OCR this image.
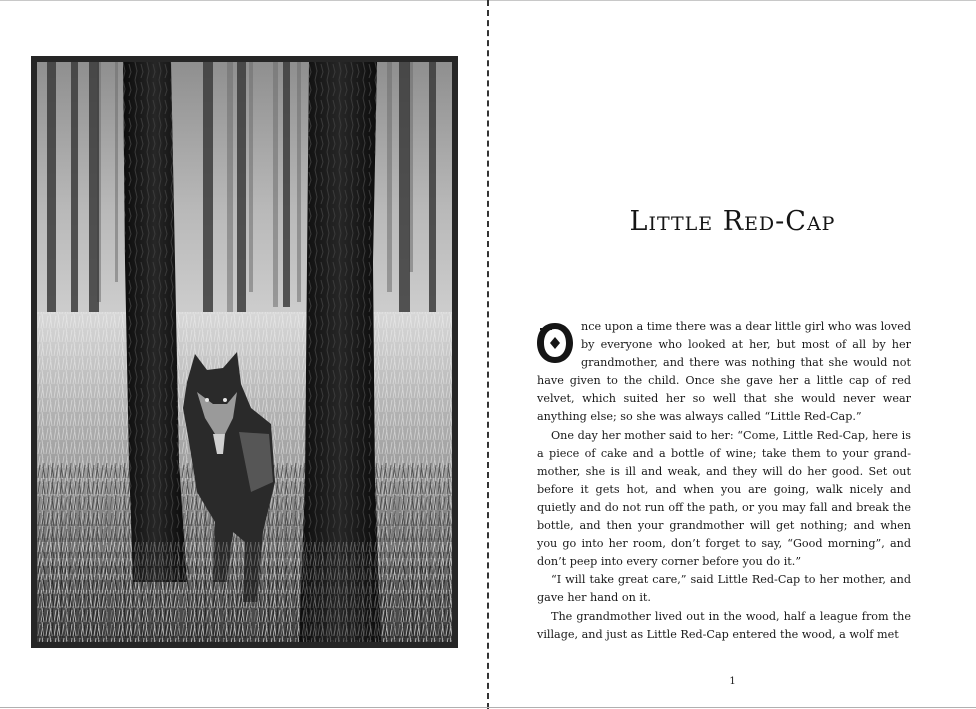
Little Red-Cap

nce upon a time there was a dear little girl who was loved by everyone who looked at her, but most of all by her grandmother, and there was nothing that she would not have given to the child. Once she gave her a little cap of red velvet, which suited her so well that she would never wear anything else; so she was always called “Little Red-Cap.”

One day her mother said to her: “Come, Little Red-Cap, here is a piece of cake and a bottle of wine; take them to your grand-mother, she is ill and weak, and they will do her good. Set out before it gets hot, and when you are going, walk nicely and quietly and do not run off the path, or you may fall and break the bottle, and then your grandmother will get nothing; and when you go into her room, don’t forget to say, “Good morning”, and don’t peep into every corner before you do it.”

“I will take great care,” said Little Red-Cap to her mother, and gave her hand on it.

The grandmother lived out in the wood, half a league from the village, and just as Little Red-Cap entered the wood, a wolf met

1
